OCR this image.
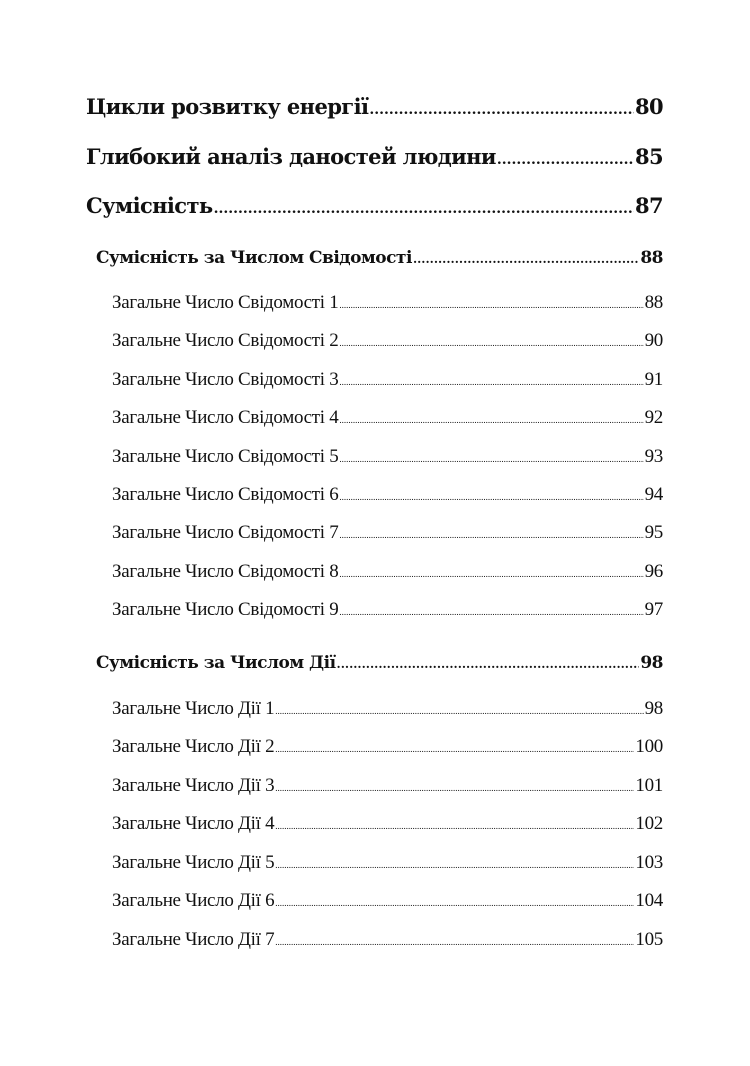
Цикли розвитку енергії .....	80
Глибокий аналіз даностей людини .....	85
Сумісність .....	87
Сумісність за Числом Свідомості .....	88
Загальне Число Свідомості 1 .....	88
Загальне Число Свідомості 2 .....	90
Загальне Число Свідомості 3 .....	91
Загальне Число Свідомості 4 .....	92
Загальне Число Свідомості 5 .....	93
Загальне Число Свідомості 6 .....	94
Загальне Число Свідомості 7 .....	95
Загальне Число Свідомості 8 .....	96
Загальне Число Свідомості 9 .....	97
Сумісність за Числом Дії .....	98
Загальне Число Дії 1 .....	98
Загальне Число Дії 2 .....	100
Загальне Число Дії 3 .....	101
Загальне Число Дії 4 .....	102
Загальне Число Дії 5 .....	103
Загальне Число Дії 6 .....	104
Загальне Число Дії 7 .....	105
